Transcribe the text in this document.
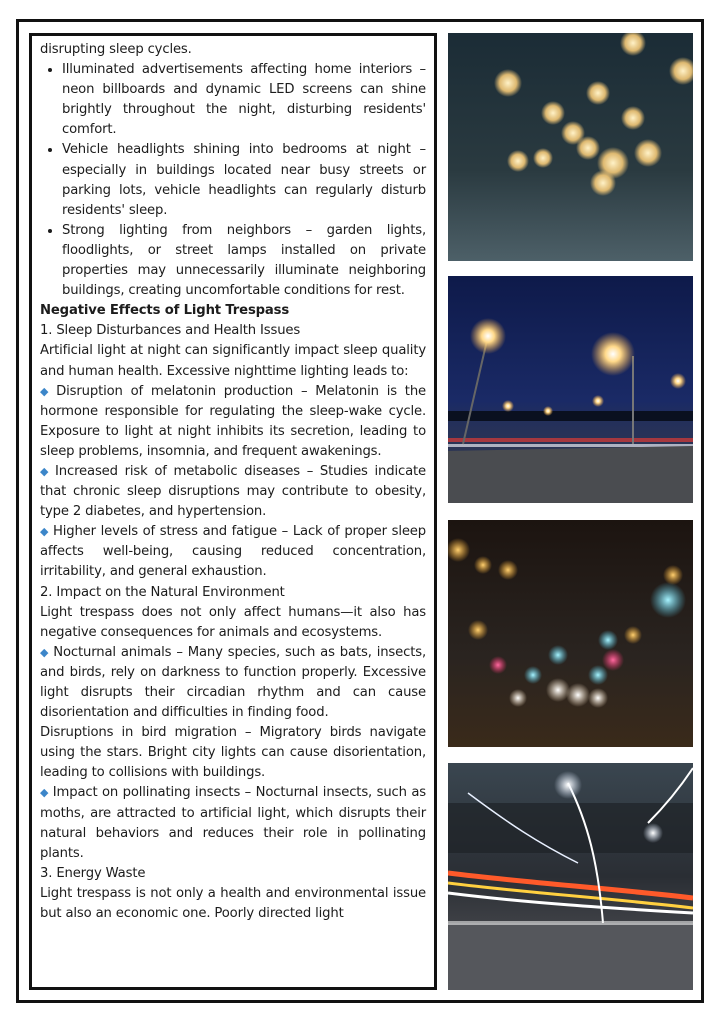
disrupting sleep cycles.

• Illuminated advertisements affecting home interiors – neon billboards and dynamic LED screens can shine brightly throughout the night, disturbing residents' comfort.
• Vehicle headlights shining into bedrooms at night – especially in buildings located near busy streets or parking lots, vehicle headlights can regularly disturb residents' sleep.
• Strong lighting from neighbors – garden lights, floodlights, or street lamps installed on private properties may unnecessarily illuminate neighboring buildings, creating uncomfortable conditions for rest.
Negative Effects of Light Trespass

1. Sleep Disturbances and Health Issues

Artificial light at night can significantly impact sleep quality and human health. Excessive nighttime lighting leads to:

◆ Disruption of melatonin production – Melatonin is the hormone responsible for regulating the sleep-wake cycle. Exposure to light at night inhibits its secretion, leading to sleep problems, insomnia, and frequent awakenings.

◆ Increased risk of metabolic diseases – Studies indicate that chronic sleep disruptions may contribute to obesity, type 2 diabetes, and hypertension.

◆ Higher levels of stress and fatigue – Lack of proper sleep affects well-being, causing reduced concentration, irritability, and general exhaustion.

2. Impact on the Natural Environment

Light trespass does not only affect humans—it also has negative consequences for animals and ecosystems.

◆ Nocturnal animals – Many species, such as bats, insects, and birds, rely on darkness to function properly. Excessive light disrupts their circadian rhythm and can cause disorientation and difficulties in finding food.

Disruptions in bird migration – Migratory birds navigate using the stars. Bright city lights can cause disorientation, leading to collisions with buildings.

◆ Impact on pollinating insects – Nocturnal insects, such as moths, are attracted to artificial light, which disrupts their natural behaviors and reduces their role in pollinating plants.

3. Energy Waste

Light trespass is not only a health and environmental issue but also an economic one. Poorly directed light
